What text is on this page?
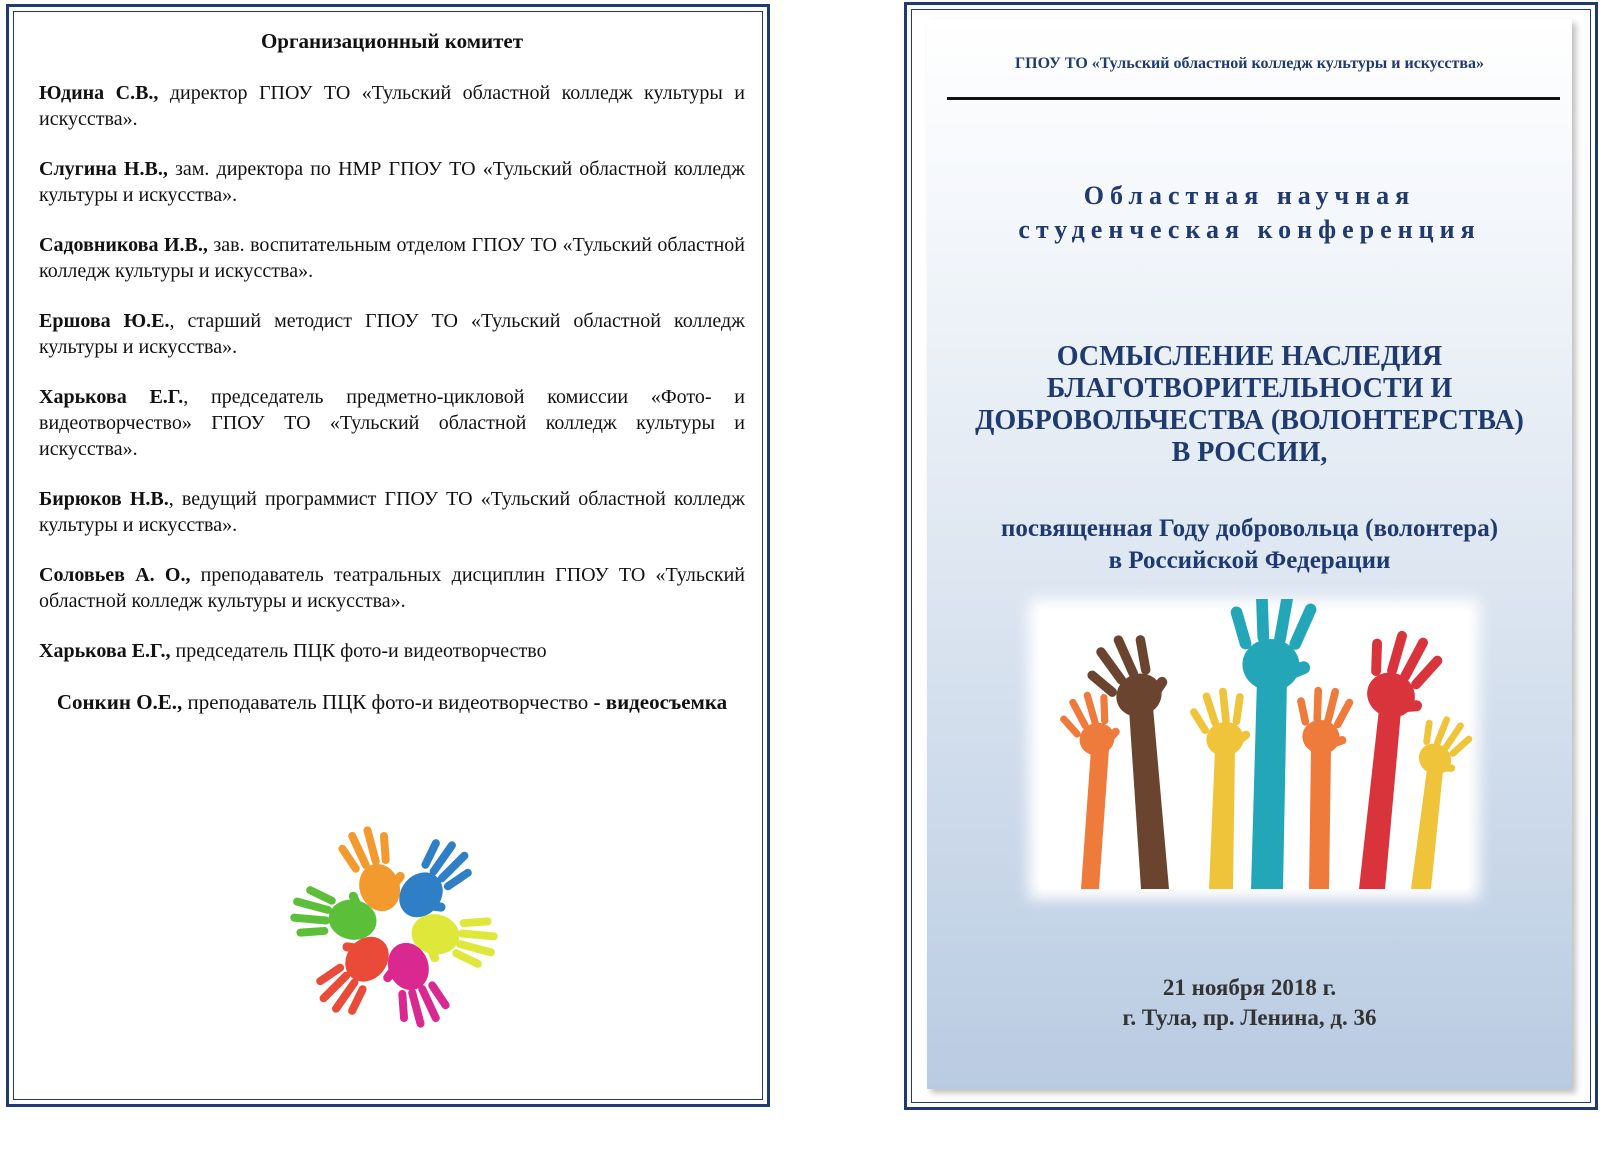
Организационный комитет

Юдина С.В., директор ГПОУ ТО «Тульский областной колледж культуры и искусства».

Слугина Н.В., зам. директора по НМР ГПОУ ТО «Тульский областной колледж культуры и искусства».

Садовникова И.В., зав. воспитательным отделом ГПОУ ТО «Тульский областной колледж культуры и искусства».

Ершова Ю.Е., старший методист ГПОУ ТО «Тульский областной колледж культуры и искусства».

Харькова Е.Г., председатель предметно-цикловой комиссии «Фото- и видеотворчество» ГПОУ ТО «Тульский областной колледж культуры и искусства».

Бирюков Н.В., ведущий программист ГПОУ ТО «Тульский областной колледж культуры и искусства».

Соловьев А. О., преподаватель театральных дисциплин ГПОУ ТО «Тульский областной колледж культуры и искусства».

Харькова Е.Г., председатель ПЦК фото-и видеотворчество

Сонкин О.Е., преподаватель ПЦК фото-и видеотворчество - видеосъемка

ГПОУ ТО «Тульский областной колледж культуры и искусства»
Областная научная
студенческая конференция
ОСМЫСЛЕНИЕ НАСЛЕДИЯ
БЛАГОТВОРИТЕЛЬНОСТИ И
ДОБРОВОЛЬЧЕСТВА (ВОЛОНТЕРСТВА)
В РОССИИ,
посвященная Году добровольца (волонтера)
в Российской Федерации
21 ноября 2018 г.
г. Тула, пр. Ленина, д. 36
